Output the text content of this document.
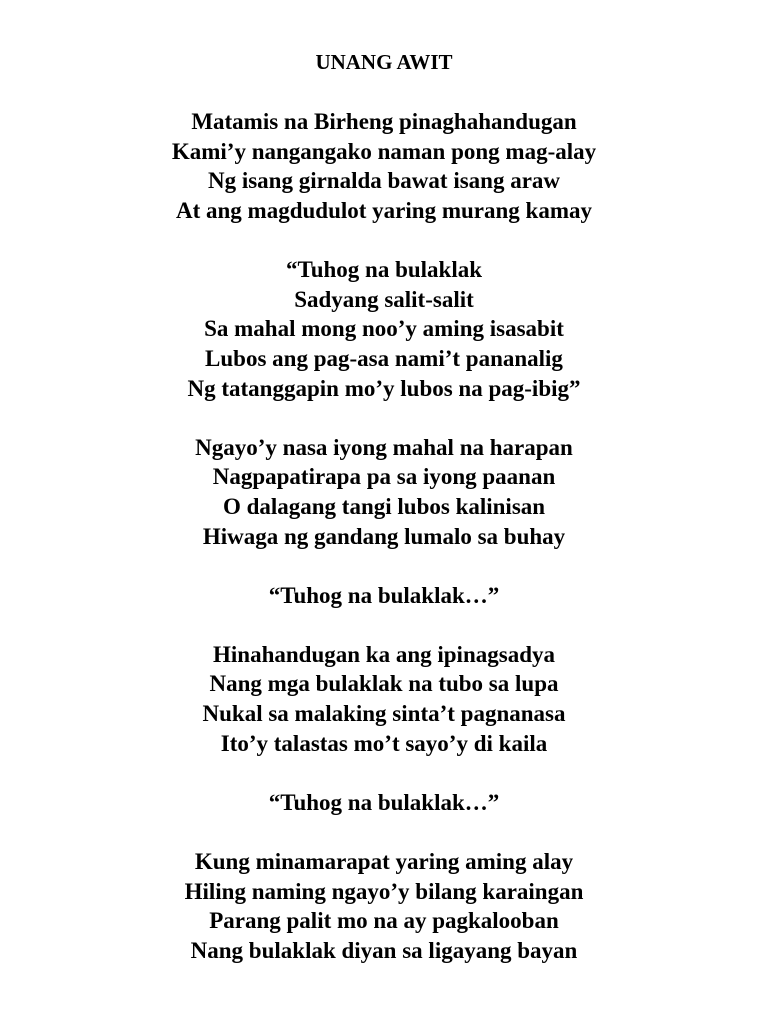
UNANG AWIT
Matamis na Birheng pinaghahandugan
Kami’y nangangako naman pong mag-alay
Ng isang girnalda bawat isang araw
At ang magdudulot yaring murang kamay
“Tuhog na bulaklak
Sadyang salit-salit
Sa mahal mong noo’y aming isasabit
Lubos ang pag-asa nami’t pananalig
Ng tatanggapin mo’y lubos na pag-ibig”
Ngayo’y nasa iyong mahal na harapan
Nagpapatirapa pa sa iyong paanan
O dalagang tangi lubos kalinisan
Hiwaga ng gandang lumalo sa buhay
“Tuhog na bulaklak…”
Hinahandugan ka ang ipinagsadya
Nang mga bulaklak na tubo sa lupa
Nukal sa malaking sinta’t pagnanasa
Ito’y talastas mo’t sayo’y di kaila
“Tuhog na bulaklak…”
Kung minamarapat yaring aming alay
Hiling naming ngayo’y bilang karaingan
Parang palit mo na ay pagkalooban
Nang bulaklak diyan sa ligayang bayan
